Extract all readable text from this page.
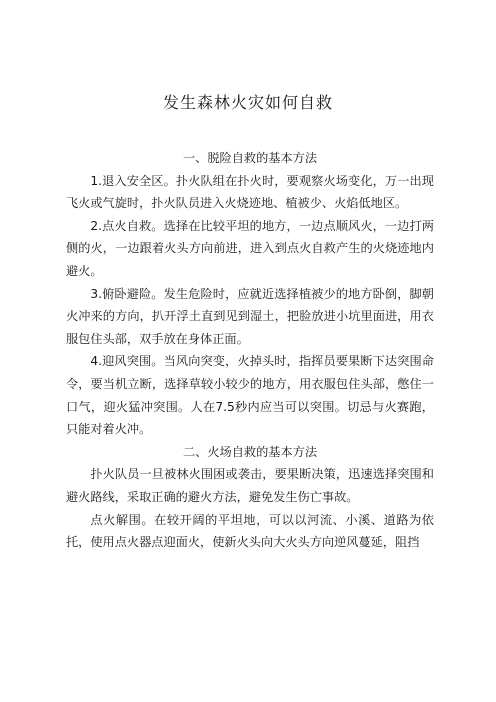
发生森林火灾如何自救
一、脱险自救的基本方法

1.退入安全区。扑火队组在扑火时，要观察火场变化，万一出现飞火或气旋时，扑火队员进入火烧迹地、植被少、火焰低地区。

2.点火自救。选择在比较平坦的地方，一边点顺风火，一边打两侧的火，一边跟着火头方向前进，进入到点火自救产生的火烧迹地内避火。

3.俯卧避险。发生危险时，应就近选择植被少的地方卧倒，脚朝火冲来的方向，扒开浮土直到见到湿土，把脸放进小坑里面进，用衣服包住头部，双手放在身体正面。

4.迎风突围。当风向突变，火掉头时，指挥员要果断下达突围命令，要当机立断，选择草较小较少的地方，用衣服包住头部，憋住一口气，迎火猛冲突围。人在7.5秒内应当可以突围。切忌与火赛跑，只能对着火冲。

二、火场自救的基本方法

扑火队员一旦被林火围困或袭击，要果断决策，迅速选择突围和避火路线，采取正确的避火方法，避免发生伤亡事故。

点火解围。在较开阔的平坦地，可以以河流、小溪、道路为依托，使用点火器点迎面火，使新火头向大火头方向逆风蔓延，阻挡
